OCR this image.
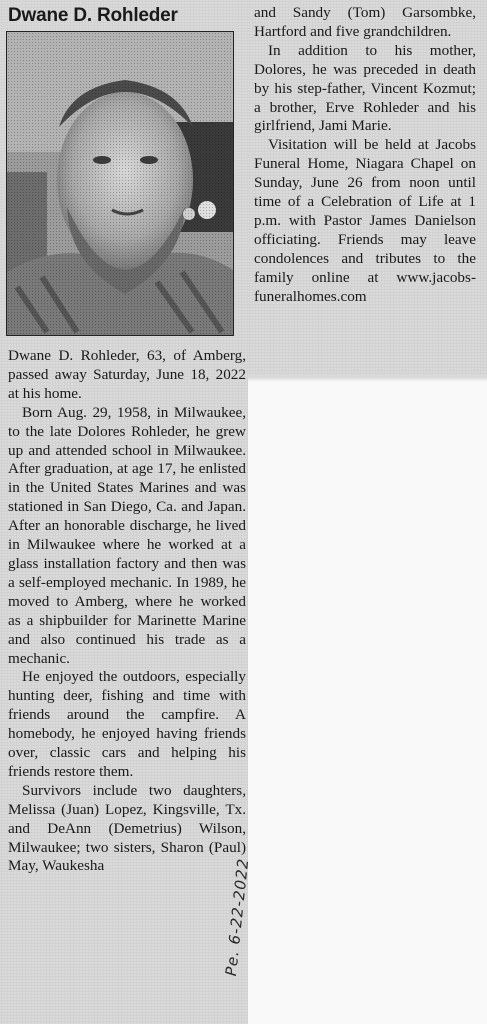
Dwane D. Rohleder

Dwane D. Rohleder, 63, of Amberg, passed away Saturday, June 18, 2022 at his home.

Born Aug. 29, 1958, in Milwaukee, to the late Dolores Rohleder, he grew up and attended school in Milwaukee. After graduation, at age 17, he enlisted in the United States Marines and was stationed in San Diego, Ca. and Japan. After an honorable discharge, he lived in Milwaukee where he worked at a glass installation factory and then was a self-employed mechanic. In 1989, he moved to Amberg, where he worked as a shipbuilder for Marinette Marine and also continued his trade as a mechanic.

He enjoyed the outdoors, especially hunting deer, fishing and time with friends around the campfire. A homebody, he enjoyed having friends over, classic cars and helping his friends restore them.

Survivors include two daughters, Melissa (Juan) Lopez, Kingsville, Tx. and DeAnn (Demetrius) Wilson, Milwaukee; two sisters, Sharon (Paul) May, Waukesha

and Sandy (Tom) Garsombke, Hartford and five grandchildren.

In addition to his mother, Dolores, he was preceded in death by his step-father, Vincent Kozmut; a brother, Erve Rohleder and his girlfriend, Jami Marie.

Visitation will be held at Jacobs Funeral Home, Niagara Chapel on Sunday, June 26 from noon until time of a Celebration of Life at 1 p.m. with Pastor James Danielson officiating. Friends may leave condolences and tributes to the family online at www.jacobsfuneralhomes.com

Pe. 6-22-2022
